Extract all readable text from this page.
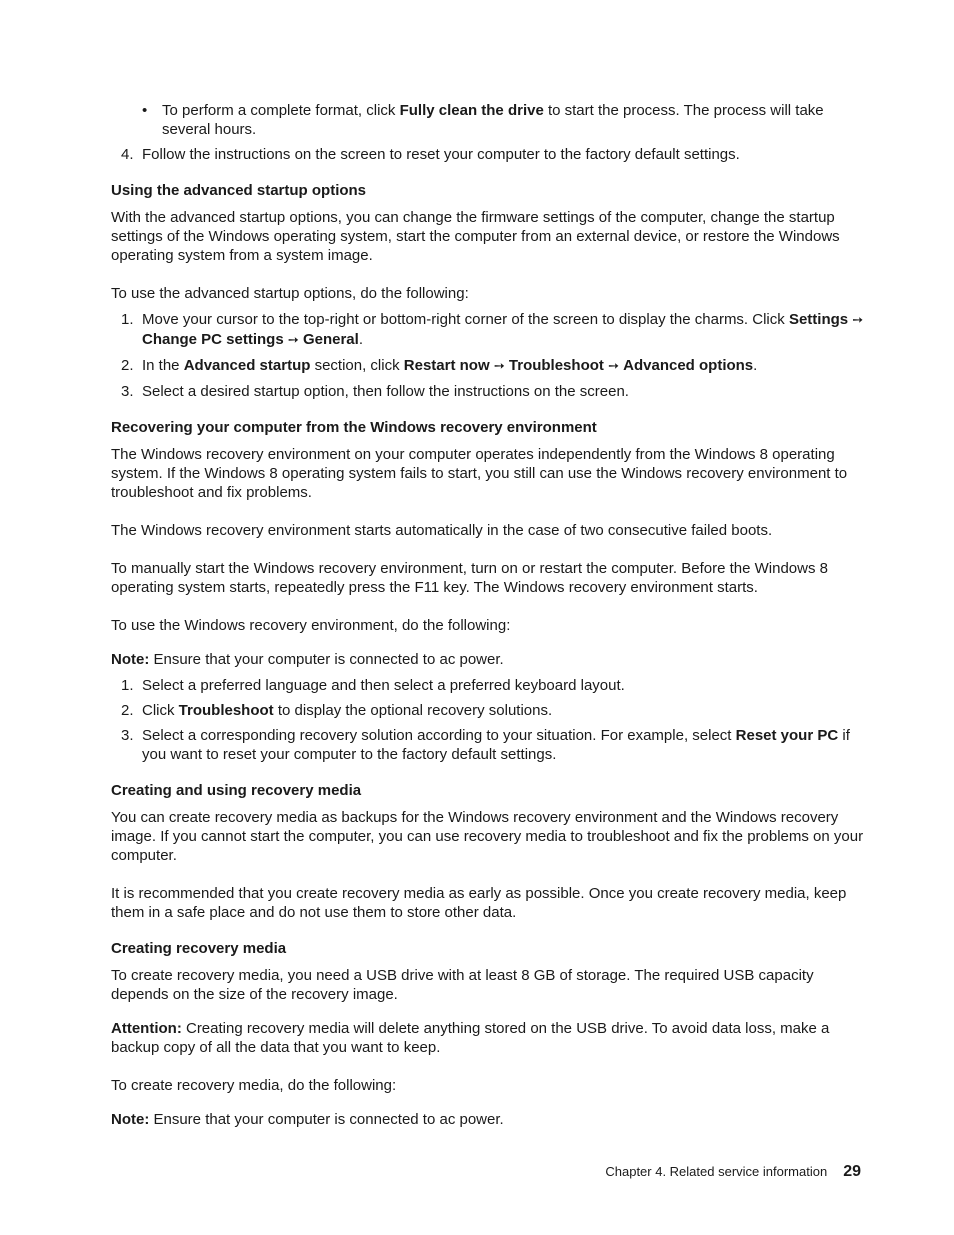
• To perform a complete format, click Fully clean the drive to start the process. The process will take several hours.
4. Follow the instructions on the screen to reset your computer to the factory default settings.
Using the advanced startup options

With the advanced startup options, you can change the firmware settings of the computer, change the startup settings of the Windows operating system, start the computer from an external device, or restore the Windows operating system from a system image.

To use the advanced startup options, do the following:

1. Move your cursor to the top-right or bottom-right corner of the screen to display the charms. Click Settings ➙ Change PC settings ➙ General.
2. In the Advanced startup section, click Restart now ➙ Troubleshoot ➙ Advanced options.
3. Select a desired startup option, then follow the instructions on the screen.
Recovering your computer from the Windows recovery environment

The Windows recovery environment on your computer operates independently from the Windows 8 operating system. If the Windows 8 operating system fails to start, you still can use the Windows recovery environment to troubleshoot and fix problems.

The Windows recovery environment starts automatically in the case of two consecutive failed boots.

To manually start the Windows recovery environment, turn on or restart the computer. Before the Windows 8 operating system starts, repeatedly press the F11 key. The Windows recovery environment starts.

To use the Windows recovery environment, do the following:

Note: Ensure that your computer is connected to ac power.

1. Select a preferred language and then select a preferred keyboard layout.
2. Click Troubleshoot to display the optional recovery solutions.
3. Select a corresponding recovery solution according to your situation. For example, select Reset your PC if you want to reset your computer to the factory default settings.
Creating and using recovery media

You can create recovery media as backups for the Windows recovery environment and the Windows recovery image. If you cannot start the computer, you can use recovery media to troubleshoot and fix the problems on your computer.

It is recommended that you create recovery media as early as possible. Once you create recovery media, keep them in a safe place and do not use them to store other data.

Creating recovery media

To create recovery media, you need a USB drive with at least 8 GB of storage. The required USB capacity depends on the size of the recovery image.

Attention: Creating recovery media will delete anything stored on the USB drive. To avoid data loss, make a backup copy of all the data that you want to keep.

To create recovery media, do the following:

Note: Ensure that your computer is connected to ac power.

Chapter 4. Related service information 29
